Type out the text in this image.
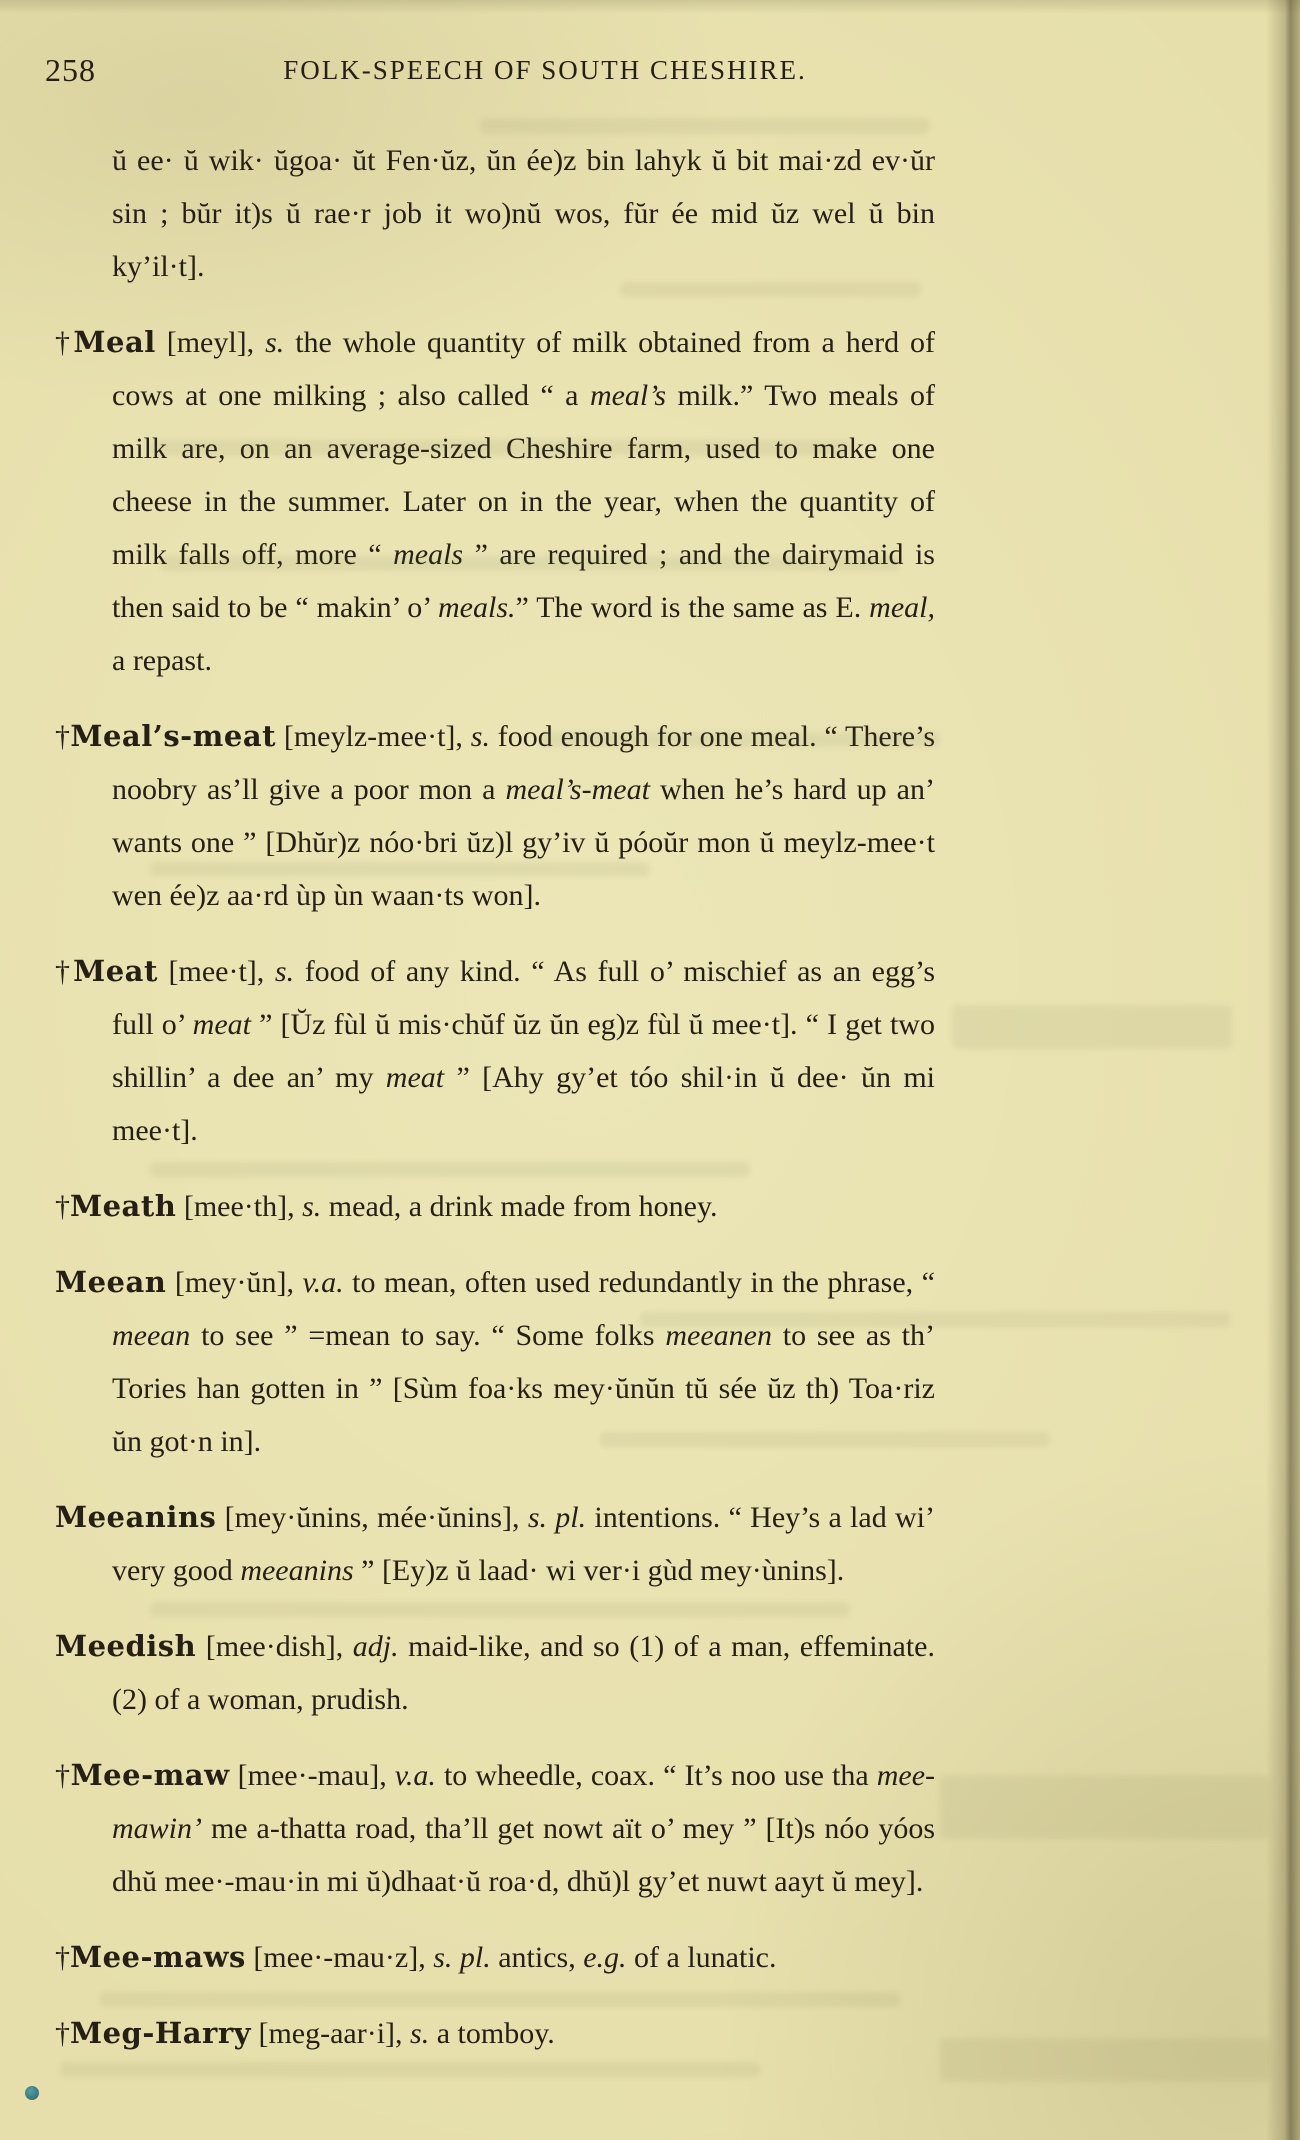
258	FOLK-SPEECH OF SOUTH CHESHIRE.

ŭ ee· ŭ wik· ŭgoa· ŭt Fen·ŭz, ŭn ée)z bin lahyk ŭ bit mai·zd ev·ŭr sin ; bŭr it)s ŭ rae·r job it wo)nŭ wos, fŭr ée mid ŭz wel ŭ bin ky’il·t].

†Meal [meyl], s. the whole quantity of milk obtained from a herd of cows at one milking ; also called “ a meal’s milk.” Two meals of milk are, on an average-sized Cheshire farm, used to make one cheese in the summer. Later on in the year, when the quantity of milk falls off, more “ meals ” are required ; and the dairymaid is then said to be “ makin’ o’ meals.” The word is the same as E. meal, a repast.

†Meal’s-meat [meylz-mee·t], s. food enough for one meal. “ There’s noobry as’ll give a poor mon a meal’s-meat when he’s hard up an’ wants one ” [Dhŭr)z nóo·bri ŭz)l gy’iv ŭ póoŭr mon ŭ meylz-mee·t wen ée)z aa·rd ùp ùn waan·ts won].

†Meat [mee·t], s. food of any kind. “ As full o’ mischief as an egg’s full o’ meat ” [Ŭz fùl ŭ mis·chŭf ŭz ŭn eg)z fùl ŭ mee·t]. “ I get two shillin’ a dee an’ my meat ” [Ahy gy’et tóo shil·in ŭ dee· ŭn mi mee·t].

†Meath [mee·th], s. mead, a drink made from honey.

Meean [mey·ŭn], v.a. to mean, often used redundantly in the phrase, “ meean to see ” =mean to say. “ Some folks meeanen to see as th’ Tories han gotten in ” [Sùm foa·ks mey·ŭnŭn tŭ sée ŭz th) Toa·riz ŭn got·n in].

Meeanins [mey·ŭnins, mée·ŭnins], s. pl. intentions. “ Hey’s a lad wi’ very good meeanins ” [Ey)z ŭ laad· wi ver·i gùd mey·ùnins].

Meedish [mee·dish], adj. maid-like, and so (1) of a man, effeminate. (2) of a woman, prudish.

†Mee-maw [mee·-mau], v.a. to wheedle, coax. “ It’s noo use tha mee-mawin’ me a-thatta road, tha’ll get nowt aït o’ mey ” [It)s nóo yóos dhŭ mee·-mau·in mi ŭ)dhaat·ŭ roa·d, dhŭ)l gy’et nuwt aayt ŭ mey].

†Mee-maws [mee·-mau·z], s. pl. antics, e.g. of a lunatic.

†Meg-Harry [meg-aar·i], s. a tomboy.
